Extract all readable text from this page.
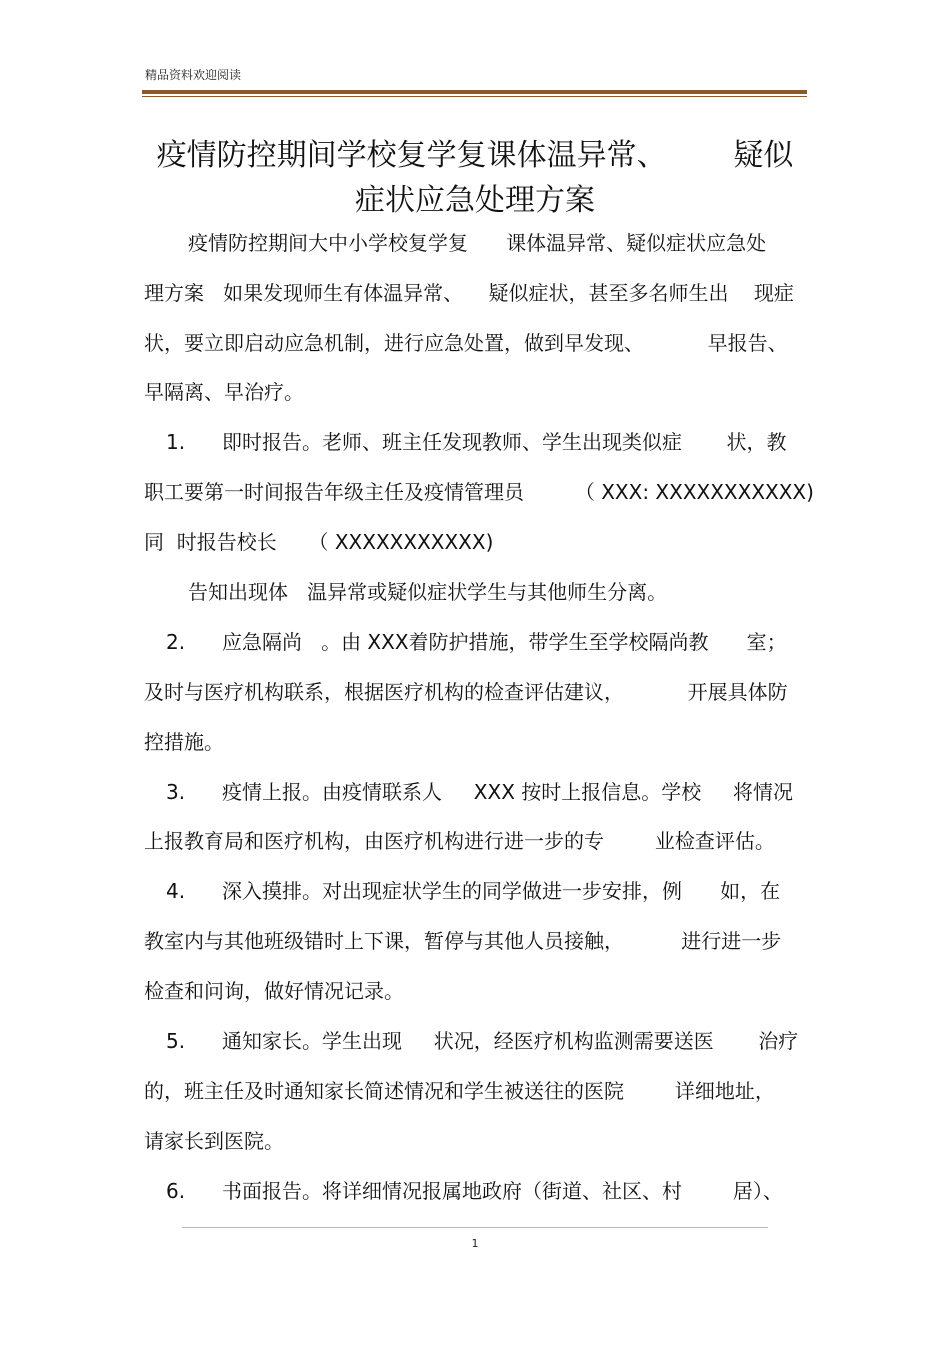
精品资料欢迎阅读
疫情防控期间学校复学复课体温异常、       疑似
症状应急处理方案
疫情防控期间大中小学校复学复      课体温异常、疑似症状应急处
理方案   如果发现师生有体温异常、    疑似症状，甚至多名师生出    现症
状，要立即启动应急机制，进行应急处置，做到早发现、          早报告、
早隔离、早治疗。
1. 即时报告。老师、班主任发现教师、学生出现类似症       状，教
职工要第一时间报告年级主任及疫情管理员        （ XXX: XXXXXXXXXXX)
同  时报告校长     （ XXXXXXXXXXX)
告知出现体   温异常或疑似症状学生与其他师生分离。
2. 应急隔尚   。由 XXX着防护措施，带学生至学校隔尚教      室；
及时与医疗机构联系，根据医疗机构的检查评估建议，          开展具体防
控措施。
3. 疫情上报。由疫情联系人     XXX 按时上报信息。学校     将情况
上报教育局和医疗机构，由医疗机构进行进一步的专        业检查评估。
4. 深入摸排。对出现症状学生的同学做进一步安排，例      如，在
教室内与其他班级错时上下课，暂停与其他人员接触，         进行进一步
检查和问询，做好情况记录。
5. 通知家长。学生出现     状况，经医疗机构监测需要送医       治疗
的，班主任及时通知家长简述情况和学生被送往的医院        详细地址，
请家长到医院。
6. 书面报告。将详细情况报属地政府（街道、社区、村        居）、
1
